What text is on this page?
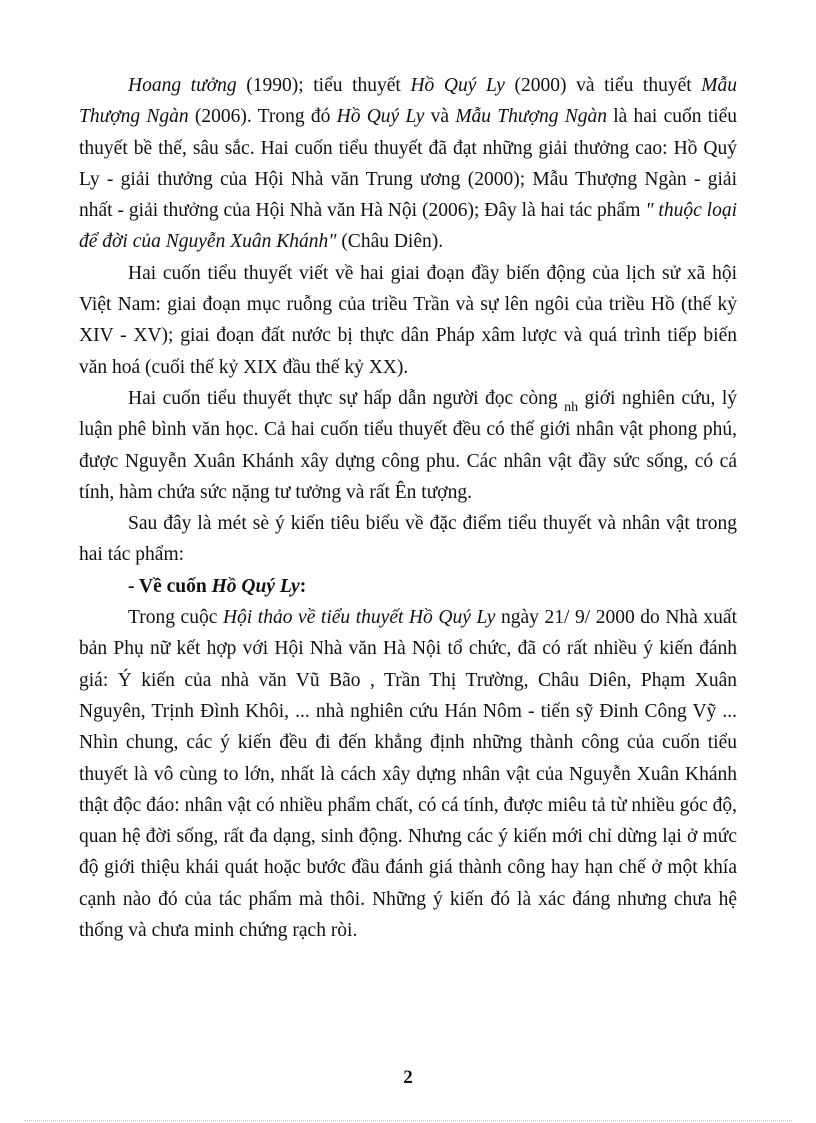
Hoang tưởng (1990); tiểu thuyết Hồ Quý Ly (2000) và tiểu thuyết Mẫu Thượng Ngàn (2006). Trong đó Hồ Quý Ly và Mẫu Thượng Ngàn là hai cuốn tiểu thuyết bề thế, sâu sắc. Hai cuốn tiểu thuyết đã đạt những giải thưởng cao: Hồ Quý Ly - giải thưởng của Hội Nhà văn Trung ương (2000); Mẫu Thượng Ngàn - giải nhất - giải thưởng của Hội Nhà văn Hà Nội (2006); Đây là hai tác phẩm " thuộc loại để đời của Nguyễn Xuân Khánh" (Châu Diên).

Hai cuốn tiểu thuyết viết về hai giai đoạn đầy biến động của lịch sử xã hội Việt Nam: giai đoạn mục ruỗng của triều Trần và sự lên ngôi của triều Hồ (thế kỷ XIV - XV); giai đoạn đất nước bị thực dân Pháp xâm lược và quá trình tiếp biến văn hoá (cuối thế kỷ XIX đầu thế kỷ XX).

Hai cuốn tiểu thuyết thực sự hấp dẫn người đọc còng $_{nh}$ giới nghiên cứu, lý luận phê bình văn học. Cả hai cuốn tiểu thuyết đều có thế giới nhân vật phong phú, được Nguyễn Xuân Khánh xây dựng công phu. Các nhân vật đầy sức sống, có cá tính, hàm chứa sức nặng tư tưởng và rất Ên tượng.

Sau đây là mét sè ý kiến tiêu biểu về đặc điểm tiểu thuyết và nhân vật trong hai tác phẩm:

- Về cuốn Hồ Quý Ly:

Trong cuộc Hội thảo về tiểu thuyết Hồ Quý Ly ngày 21/ 9/ 2000 do Nhà xuất bản Phụ nữ kết hợp với Hội Nhà văn Hà Nội tổ chức, đã có rất nhiều ý kiến đánh giá: Ý kiến của nhà văn Vũ Bão , Trần Thị Trường, Châu Diên, Phạm Xuân Nguyên, Trịnh Đình Khôi, ... nhà nghiên cứu Hán Nôm - tiến sỹ Đinh Công Vỹ ... Nhìn chung, các ý kiến đều đi đến khẳng định những thành công của cuốn tiểu thuyết là vô cùng to lớn, nhất là cách xây dựng nhân vật của Nguyễn Xuân Khánh thật độc đáo: nhân vật có nhiều phẩm chất, có cá tính, được miêu tả từ nhiều góc độ, quan hệ đời sống, rất đa dạng, sinh động. Nhưng các ý kiến mới chỉ dừng lại ở mức độ giới thiệu khái quát hoặc bước đầu đánh giá thành công hay hạn chế ở một khía cạnh nào đó của tác phẩm mà thôi. Những ý kiến đó là xác đáng nhưng chưa hệ thống và chưa minh chứng rạch ròi.

2
